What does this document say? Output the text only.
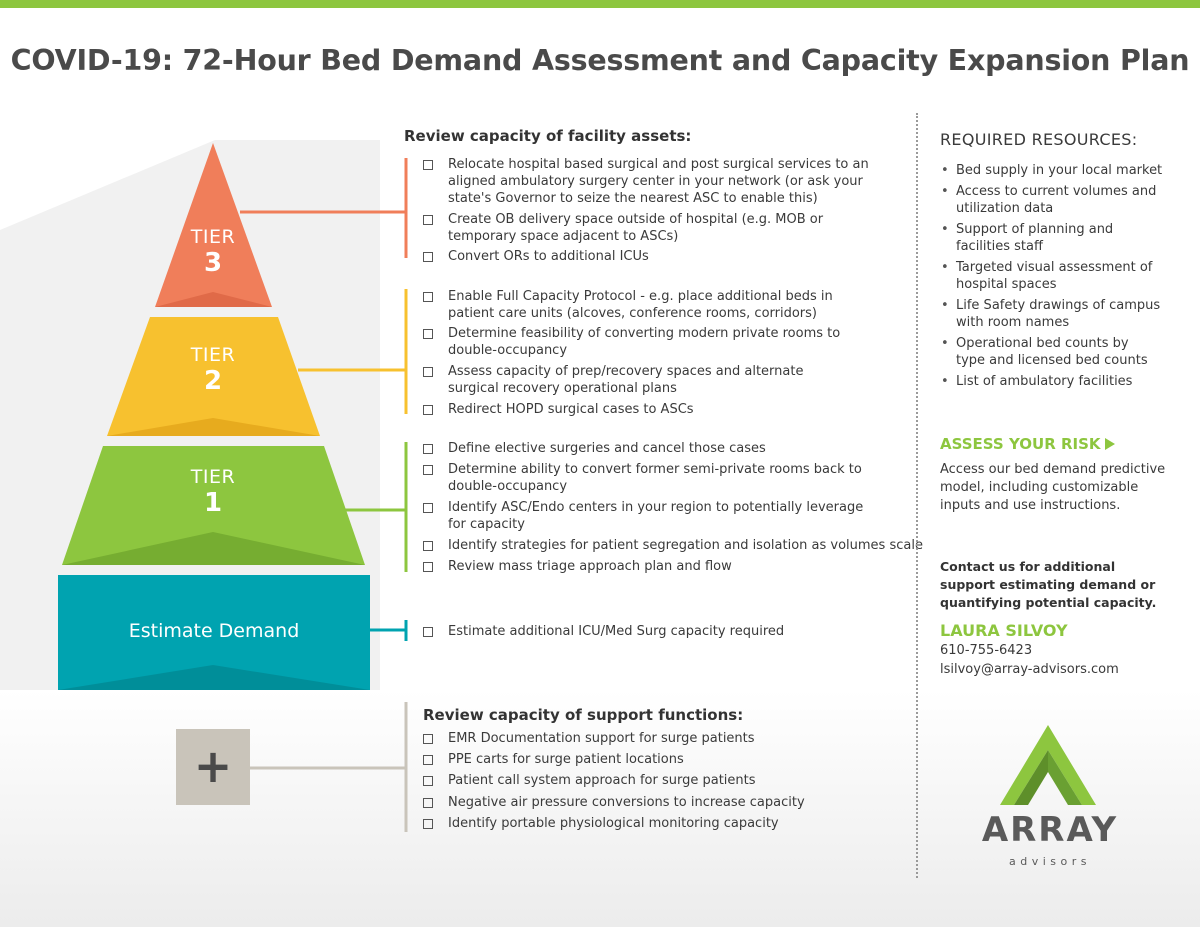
COVID-19: 72-Hour Bed Demand Assessment and Capacity Expansion Plan
TIER
3
TIER
2
TIER
1
Estimate Demand
+
Review capacity of facility assets:
Relocate hospital based surgical and post surgical services to an
aligned ambulatory surgery center in your network (or ask your
state's Governor to seize the nearest ASC to enable this)
Create OB delivery space outside of hospital (e.g. MOB or
temporary space adjacent to ASCs)
Convert ORs to additional ICUs
Enable Full Capacity Protocol - e.g. place additional beds in
patient care units (alcoves, conference rooms, corridors)
Determine feasibility of converting modern private rooms to
double-occupancy
Assess capacity of prep/recovery spaces and alternate
surgical recovery operational plans
Redirect HOPD surgical cases to ASCs
Define elective surgeries and cancel those cases
Determine ability to convert former semi-private rooms back to
double-occupancy
Identify ASC/Endo centers in your region to potentially leverage
for capacity
Identify strategies for patient segregation and isolation as volumes scale
Review mass triage approach plan and flow
Estimate additional ICU/Med Surg capacity required
Review capacity of support functions:
EMR Documentation support for surge patients
PPE carts for surge patient locations
Patient call system approach for surge patients
Negative air pressure conversions to increase capacity
Identify portable physiological monitoring capacity
REQUIRED RESOURCES:
• Bed supply in your local market
• Access to current volumes and
utilization data
• Support of planning and
facilities staff
• Targeted visual assessment of
hospital spaces
• Life Safety drawings of campus
with room names
• Operational bed counts by
type and licensed bed counts
• List of ambulatory facilities
ASSESS YOUR RISK
Access our bed demand predictive
model, including customizable
inputs and use instructions.
Contact us for additional
support estimating demand or
quantifying potential capacity.
LAURA SILVOY
610-755-6423
lsilvoy@array-advisors.com
ARRAY
advisors
